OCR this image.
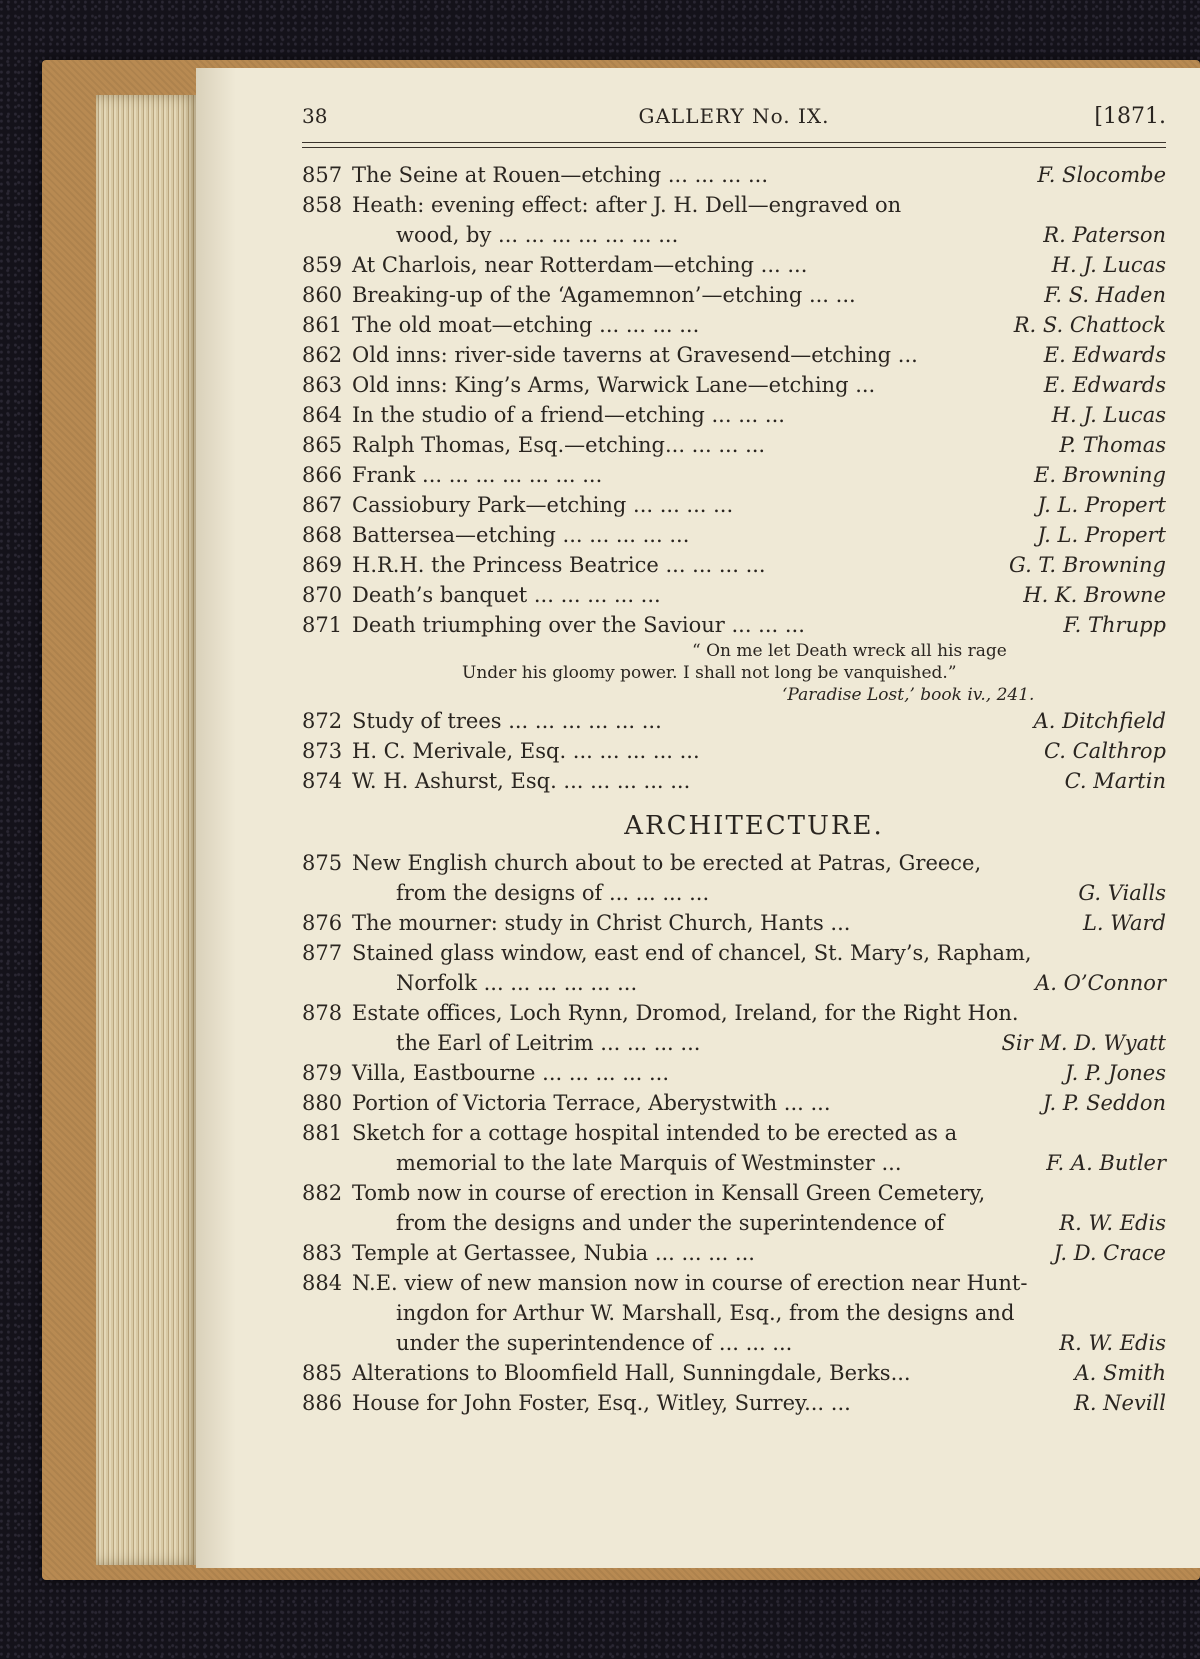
38	GALLERY No. IX.	[1871.
857 The Seine at Rouen—etching ... ... ... ...	F. Slocombe
858 Heath: evening effect: after J. H. Dell—engraved on
wood, by ... ... ... ... ... ... ...	R. Paterson
859 At Charlois, near Rotterdam—etching ... ...	H. J. Lucas
860 Breaking-up of the ‘Agamemnon’—etching ... ...	F. S. Haden
861 The old moat—etching ... ... ... ...	R. S. Chattock
862 Old inns: river-side taverns at Gravesend—etching ...	E. Edwards
863 Old inns: King’s Arms, Warwick Lane—etching ...	E. Edwards
864 In the studio of a friend—etching ... ... ...	H. J. Lucas
865 Ralph Thomas, Esq.—etching... ... ... ...	P. Thomas
866 Frank ... ... ... ... ... ... ...	E. Browning
867 Cassiobury Park—etching ... ... ... ...	J. L. Propert
868 Battersea—etching ... ... ... ... ...	J. L. Propert
869 H.R.H. the Princess Beatrice ... ... ... ...	G. T. Browning
870 Death’s banquet ... ... ... ... ...	H. K. Browne
871 Death triumphing over the Saviour ... ... ...	F. Thrupp
“ On me let Death wreck all his rage
Under his gloomy power. I shall not long be vanquished.”
‘Paradise Lost,’ book iv., 241.
872 Study of trees ... ... ... ... ... ...	A. Ditchfield
873 H. C. Merivale, Esq. ... ... ... ... ...	C. Calthrop
874 W. H. Ashurst, Esq. ... ... ... ... ...	C. Martin
ARCHITECTURE.
875 New English church about to be erected at Patras, Greece,
from the designs of ... ... ... ...	G. Vialls
876 The mourner: study in Christ Church, Hants ...	L. Ward
877 Stained glass window, east end of chancel, St. Mary’s, Rapham,
Norfolk ... ... ... ... ... ...	A. O’Connor
878 Estate offices, Loch Rynn, Dromod, Ireland, for the Right Hon.
the Earl of Leitrim ... ... ... ...	Sir M. D. Wyatt
879 Villa, Eastbourne ... ... ... ... ...	J. P. Jones
880 Portion of Victoria Terrace, Aberystwith ... ...	J. P. Seddon
881 Sketch for a cottage hospital intended to be erected as a
memorial to the late Marquis of Westminster ...	F. A. Butler
882 Tomb now in course of erection in Kensall Green Cemetery,
from the designs and under the superintendence of	R. W. Edis
883 Temple at Gertassee, Nubia ... ... ... ...	J. D. Crace
884 N.E. view of new mansion now in course of erection near Hunt-
ingdon for Arthur W. Marshall, Esq., from the designs and
under the superintendence of ... ... ...	R. W. Edis
885 Alterations to Bloomfield Hall, Sunningdale, Berks...	A. Smith
886 House for John Foster, Esq., Witley, Surrey... ...	R. Nevill
